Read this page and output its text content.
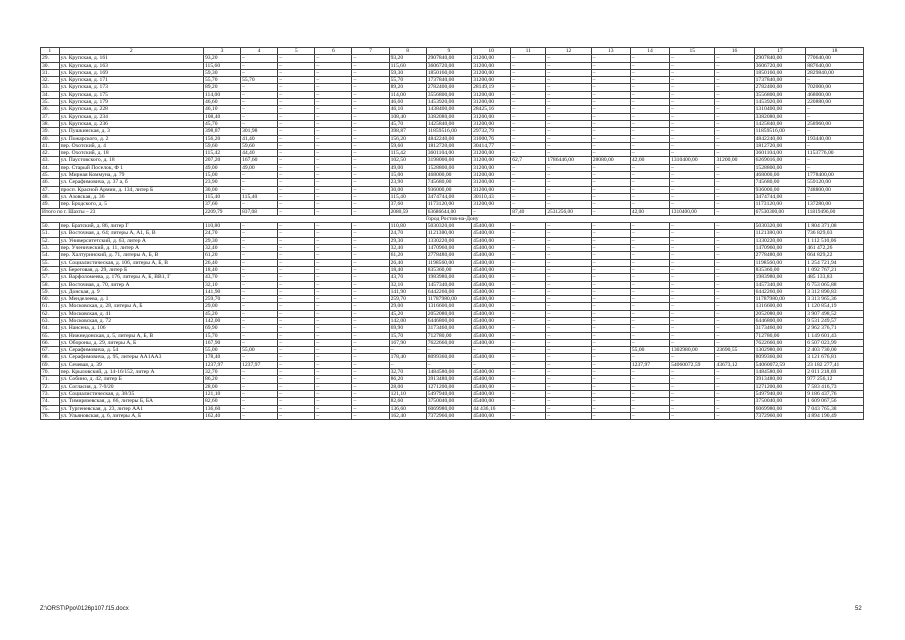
1	2	3	4	5	6	7	8	9	10	11	12	13	14	15	16	17	18
29.	ул. Крупская, д. 161	93,20	–	–	–	–	93,20	2907840,00	31200,00	–	–	–	–	–	–	2907840,00	770640,00
30.	ул. Крупская, д. 163	115,60	–	–	–	–	115,60	3606720,00	31200,00	–	–	–	–	–	–	3606720,00	887640,00
31.	ул. Крупская, д. 169	59,30	–	–	–	–	59,30	1850160,00	31200,00	–	–	–	–	–	–	1850160,00	2829840,00
32.	ул. Крупская, д. 171	55,70	55,70	–	–	–	55,70	1737840,00	31200,00	–	–	–	–	–	–	1737840,00	–
33.	ул. Крупская, д. 173	89,20	–	–	–	–	89,20	2782400,00	28149,19	–	–	–	–	–	–	2782400,00	702000,00
34.	ул. Крупская, д. 175	114,00	–	–	–	–	114,00	3556800,00	31200,00	–	–	–	–	–	–	3556800,00	468000,00
35.	ул. Крупская, д. 179	46,60	–	–	–	–	46,60	1453920,00	31200,00	–	–	–	–	–	–	1453920,00	220880,00
36.	ул. Крупская, д. 228	46,10	–	–	–	–	46,10	1438400,00	28425,16	–	–	–	–	–	–	1310400,00	–
37.	ул. Крупская, д. 234	108,40	–	–	–	–	108,40	3382080,00	31200,00	–	–	–	–	–	–	3382080,00	–
38.	ул. Крупская, д. 236	45,70	–	–	–	–	45,70	1425840,00	31200,00	–	–	–	–	–	–	1425840,00	258960,00
39.	ул. Пушкинская, д. 3	398,87	301,98	–	–	–	398,87	11859516,00	29732,79	–	–	–	–	–	–	11859516,00	–
40.	ул. Пожарского, д. 2	156,20	41,40	–	–	–	156,20	4842240,00	31000,76	–	–	–	–	–	–	4842240,00	193440,00
41.	пер. Охотский, д. 4	59,60	59,60	–	–	–	59,60	1812720,00	30414,77	–	–	–	–	–	–	1812720,00	–
42.	пер. Охотский, д. 18	115,42	44,40	–	–	–	115,42	3601104,00	31200,00	–	–	–	–	–	–	3601104,00	1153776,00
43.	ул. Паустовского, д. 18	207,20	167,60	–	–	–	102,50	3198000,00	31200,00	62,7	1786446,00	28080,00	42,00	1310400,00	31200,00	6269016,00	–
44.	пер. Старый Поселок, Ф 1	49,00	49,00	–	–	–	49,00	1528800,00	31200,00	–	–	–	–	–	–	1528800,00	–
45.	ул. Мирная Коммуна, д. 79	15,00	–	–	–	–	15,00	468000,00	31200,00	–	–	–	–	–	–	468000,00	1778400,00
46.	ул. Серафимовича, д. 37 а, б	23,90	–	–	–	–	23,90	745680,00	31200,00	–	–	–	–	–	–	745680,00	559120,00
47.	просп. Красной Армии, д. 134, литер Б	30,00	–	–	–	–	30,00	936000,00	31200,00	–	–	–	–	–	–	936000,00	748800,00
48.	ул. Азовская, д. 36	115,40	115,40	–	–	–	115,40	3474744,00	30110,43	–	–	–	–	–	–	3474744,00	–
49.	пер. Бродского, д. 5	37,60	–	–	–	–	37,60	1173120,00	31200,00	–	–	–	–	–	–	1173120,00	137280,00
Итого по г. Шахты – 23		2209,79	837,08	–	–	–	2080,59	63686644,00	–	87,40	2531256,00	–	42,00	1310400,00	–	67530300,00	11819496,00
Город Ростов-на-Дону																	
50.	пер. Братский, д. 86, литер Г	110,80	–	–	–	–	110,80	5030320,00	45400,00	–	–	–	–	–	–	5030320,00	1 804 371,08
51.	ул. Восточная, д. 64; литеры А, А1, Б, В	24,70	–	–	–	–	24,70	1121380,00	45400,00	–	–	–	–	–	–	1121380,00	736 829,03
52.	ул. Университетский, д. 63, литер А	29,30	–	–	–	–	29,30	1330220,00	45400,00	–	–	–	–	–	–	1330220,00	1 112 510,06
53.	пер. Ученический, д. 11, литер А	32,40	–	–	–	–	32,40	1470960,00	45400,00	–	–	–	–	–	–	1470960,00	461 472,26
54.	пер. Халтуринский, д. 71, литеры А, Б, В	61,20	–	–	–	–	61,20	2778480,00	45400,00	–	–	–	–	–	–	2778480,00	664 829,22
55.	ул. Социалистическая, д. 106, литеры А, Б, В	26,40	–	–	–	–	26,40	1198560,00	45400,00	–	–	–	–	–	–	1198560,00	1 254 721,94
56.	ул. Береговая, д. 29, литер Б	18,40	–	–	–	–	18,40	835360,00	45400,00	–	–	–	–	–	–	835360,00	1 092 767,21
57.	ул. Варфоломеева, д. 176, литеры А, Б, ВВ1, Г	43,70	–	–	–	–	43,70	1983980,00	45400,00	–	–	–	–	–	–	1983980,00	485 133,83
58.	ул. Восточная, д. 70, литер А	32,10	–	–	–	–	32,10	1457340,00	45400,00	–	–	–	–	–	–	1457340,00	6 753 065,88
59.	ул. Донская, д. 9	141,90	–	–	–	–	141,90	6442260,00	45400,00	–	–	–	–	–	–	6442260,00	3 312 890,83
60.	ул. Менделеева, д. 1	259,70	–	–	–	–	259,70	11787980,00	45400,00	–	–	–	–	–	–	11787980,00	3 313 965,36
61.	ул. Московская, д. 28, литеры А, Б	29,00	–	–	–	–	29,00	1316600,00	45400,00	–	–	–	–	–	–	1316600,00	1 120 854,19
62.	ул. Московская, д. 41	45,20	–	–	–	–	45,20	2052080,00	45400,00	–	–	–	–	–	–	2052080,00	3 907 498,52
63.	ул. Московская, д. 72	142,00	–	–	–	–	142,00	6446800,00	45400,00	–	–	–	–	–	–	6446800,00	9 531 249,57
64.	ул. Нансена, д. 106	69,90	–	–	–	–	69,90	3173460,00	45400,00	–	–	–	–	–	–	3173460,00	2 962 376,71
65.	ул. Нижнедонская, д. 5, литеры А, Б, В	15,70	–	–	–	–	15,70	712780,00	45400,00	–	–	–	–	–	–	712780,00	1 149 601,43
66.	ул. Обороны, д. 29, литеры А, Б	167,90	–	–	–	–	167,90	7622660,00	45400,00	–	–	–	–	–	–	7622660,00	6 507 023,99
67.	ул. Серафимовича, д. 54	55,00	55,00	–	–	–	–	–	–	–	–	–	55,00	1302980,00	23690,55	1302980,00	2 403 730,00
68.	ул. Серафимовича, д. 95, литеры АА1АА3	178,40	–	–	–	–	178,40	8099360,00	45400,00	–	–	–	–	–	–	8099360,00	3 121 676,81
69.	ул. Сечевая, д. 39	1237,97	1237,97	–	–	–	–	–	–	–	–	–	1237,97	54060072,59	43673,12	54060072,59	23 182 277,41
70.	пер. Крыловский, д. 14-16/152, литер А	32,70	–	–	–	–	32,70	1484580,00	45400,00	–	–	–	–	–	–	1484580,00	2 011 218,69
71.	ул. Собино, д. 42, литер Б	86,20	–	–	–	–	86,20	3913480,00	45400,00	–	–	–	–	–	–	3913480,00	977 256,12
72.	ул. Согласия, д. 7-9/20	28,00	–	–	–	–	28,00	1271200,00	45400,00	–	–	–	–	–	–	1271200,00	7 583 416,73
73.	ул. Социалистическая, д. 38/35	121,10	–	–	–	–	121,10	5497940,00	45400,00	–	–	–	–	–	–	5497940,00	9 186 437,76
74.	ул. Тимирязевская, д. 66, литеры Б, БА	82,60	–	–	–	–	82,60	3750040,00	45400,00	–	–	–	–	–	–	3750040,00	1 609 067,56
75.	ул. Тургеневская, д. 23, литер АА1	136,60	–	–	–	–	136,60	6069980,00	44 436,16	–	–	–	–	–	–	6069980,00	7 043 765,38
76.	ул. Ульяновская, д. 6, литеры А, Б	162,40	–	–	–	–	162,40	7372960,00	45400,00	–	–	–	–	–	–	7372960,00	4 894 190,49
Z:\ORST\Ppo\0126p107.f15.docx	52
